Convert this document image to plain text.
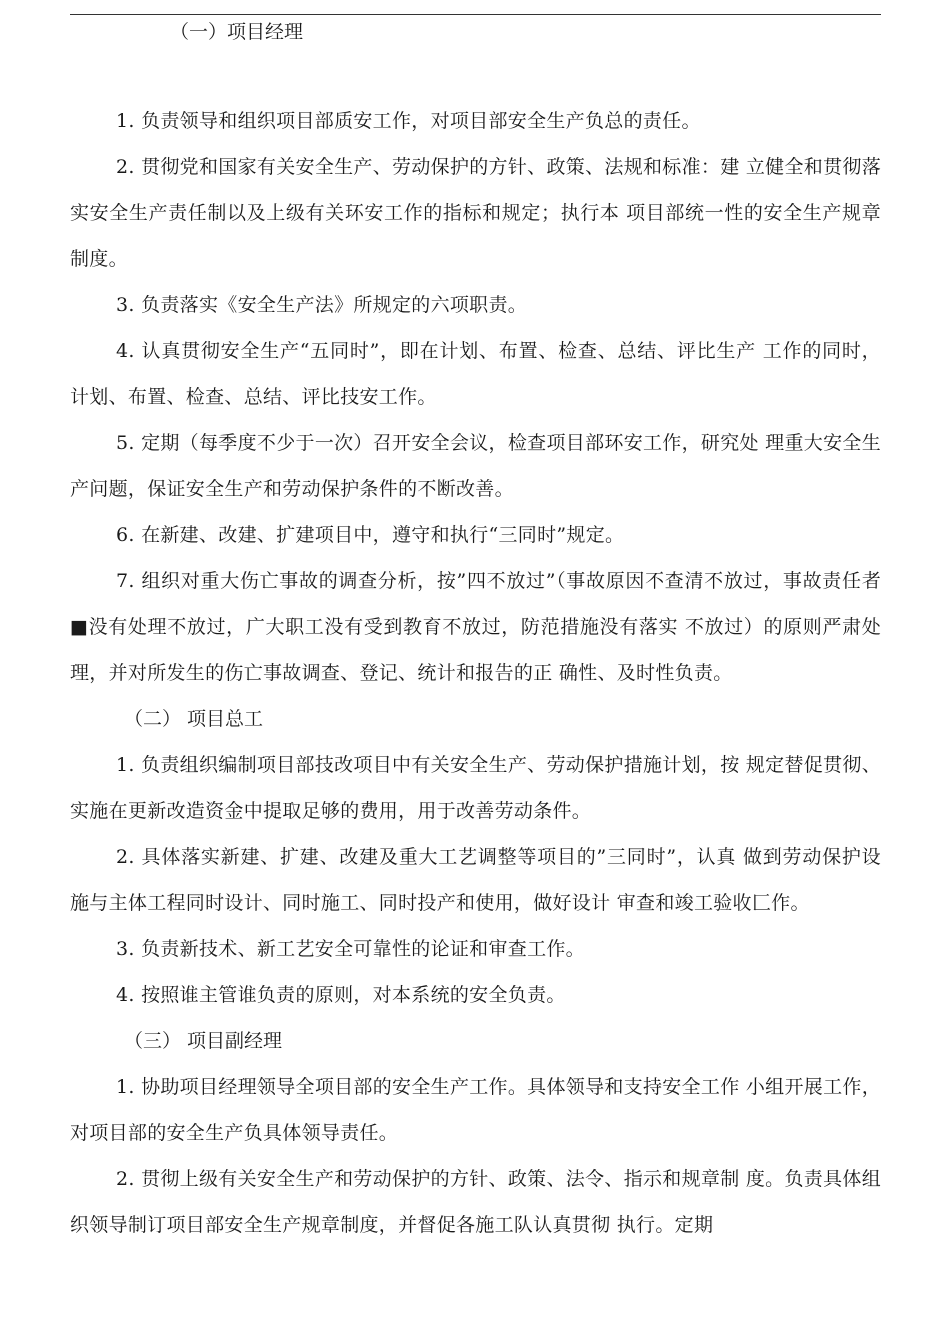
（一）项目经理

1. 负责领导和组织项目部质安工作，对项目部安全生产负总的责任。

2. 贯彻党和国家有关安全生产、劳动保护的方针、政策、法规和标准：建 立健全和贯彻落实安全生产责任制以及上级有关环安工作的指标和规定；执行本 项目部统一性的安全生产规章制度。

3. 负责落实《安全生产法》所规定的六项职责。

4. 认真贯彻安全生产“五同时”，即在计划、布置、检查、总结、评比生产 工作的同时，计划、布置、检查、总结、评比技安工作。

5. 定期（每季度不少于一次）召开安全会议，检查项目部环安工作，研究处 理重大安全生产问题，保证安全生产和劳动保护条件的不断改善。

6. 在新建、改建、扩建项目中，遵守和执行“三同时”规定。

7. 组织对重大伤亡事故的调查分析，按”四不放过”（事故原因不查清不放过，事故责任者■没有处理不放过，广大职工没有受到教育不放过，防范措施没有落实 不放过）的原则严肃处理，并对所发生的伤亡事故调查、登记、统计和报告的正 确性、及时性负责。

（二） 项目总工

1. 负责组织编制项目部技改项目中有关安全生产、劳动保护措施计划，按 规定替促贯彻、实施在更新改造资金中提取足够的费用，用于改善劳动条件。

2. 具体落实新建、扩建、改建及重大工艺调整等项目的”三同时”，认真 做到劳动保护设施与主体工程同时设计、同时施工、同时投产和使用，做好设计 审查和竣工验收匚作。

3. 负责新技术、新工艺安全可靠性的论证和审查工作。

4. 按照谁主管谁负责的原则，对本系统的安全负责。

（三） 项目副经理

1. 协助项目经理领导全项目部的安全生产工作。具体领导和支持安全工作 小组开展工作，对项目部的安全生产负具体领导责任。

2. 贯彻上级有关安全生产和劳动保护的方针、政策、法令、指示和规章制 度。负责具体组织领导制订项目部安全生产规章制度，并督促各施工队认真贯彻 执行。定期
